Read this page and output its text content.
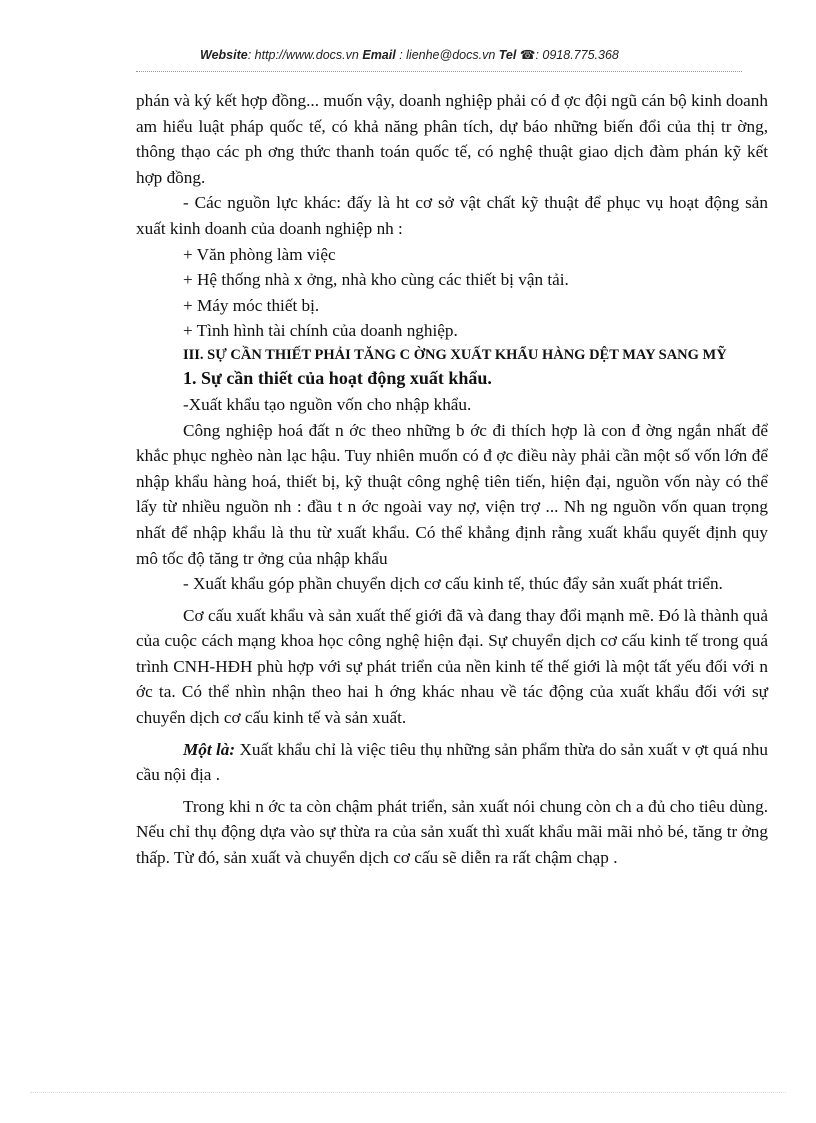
Website: http://www.docs.vn Email : lienhe@docs.vn Tel ☎: 0918.775.368

phán và ký kết hợp đồng... muốn vậy, doanh nghiệp phải có đ ợc đội ngũ cán bộ kinh doanh am hiểu luật pháp quốc tế, có khả năng phân tích, dự báo những biến đổi của thị tr ờng, thông thạo các ph ơng thức thanh toán quốc tế, có nghệ thuật giao dịch đàm phán kỹ kết hợp đồng.

- Các nguồn lực khác: đấy là ht cơ sở vật chất kỹ thuật để phục vụ hoạt động sản xuất kinh doanh của doanh nghiệp nh :

+ Văn phòng làm việc

+ Hệ thống nhà x ởng, nhà kho cùng các thiết bị vận tải.

+ Máy móc thiết bị.

+ Tình hình tài chính của doanh nghiệp.

III. SỰ CẦN THIẾT PHẢI TĂNG C ỜNG XUẤT KHẨU HÀNG DỆT MAY SANG MỸ

1. Sự cần thiết của hoạt động xuất khẩu.

-Xuất khẩu tạo nguồn vốn cho nhập khẩu.

Công nghiệp hoá đất n ớc theo những b ớc đi thích hợp là con đ ờng ngắn nhất để khắc phục nghèo nàn lạc hậu. Tuy nhiên muốn có đ ợc điều này phải cần một số vốn lớn để nhập khẩu hàng hoá, thiết bị, kỹ thuật công nghệ tiên tiến, hiện đại, nguồn vốn này có thể lấy từ nhiều nguồn nh : đầu t n ớc ngoài vay nợ, viện trợ ... Nh ng nguồn vốn quan trọng nhất để nhập khẩu là thu từ xuất khẩu. Có thể khẳng định rằng xuất khẩu quyết định quy mô tốc độ tăng tr ởng của nhập khẩu

- Xuất khẩu góp phần chuyển dịch cơ cấu kinh tế, thúc đẩy sản xuất phát triển.

Cơ cấu xuất khẩu và sản xuất thế giới đã và đang thay đổi mạnh mẽ. Đó là thành quả của cuộc cách mạng khoa học công nghệ hiện đại. Sự chuyển dịch cơ cấu kinh tế trong quá trình CNH-HĐH phù hợp với sự phát triển của nền kinh tế thế giới là một tất yếu đối với n ớc ta. Có thể nhìn nhận theo hai h ớng khác nhau về tác động của xuất khẩu đối với sự chuyển dịch cơ cấu kinh tế và sản xuất.

Một là: Xuất khẩu chỉ là việc tiêu thụ những sản phẩm thừa do sản xuất v ợt quá nhu cầu nội địa .

Trong khi n ớc ta còn chậm phát triển, sản xuất nói chung còn ch a đủ cho tiêu dùng. Nếu chỉ thụ động dựa vào sự thừa ra của sản xuất thì xuất khẩu mãi mãi nhỏ bé, tăng tr ởng thấp. Từ đó, sản xuất và chuyển dịch cơ cấu sẽ diễn ra rất chậm chạp .
